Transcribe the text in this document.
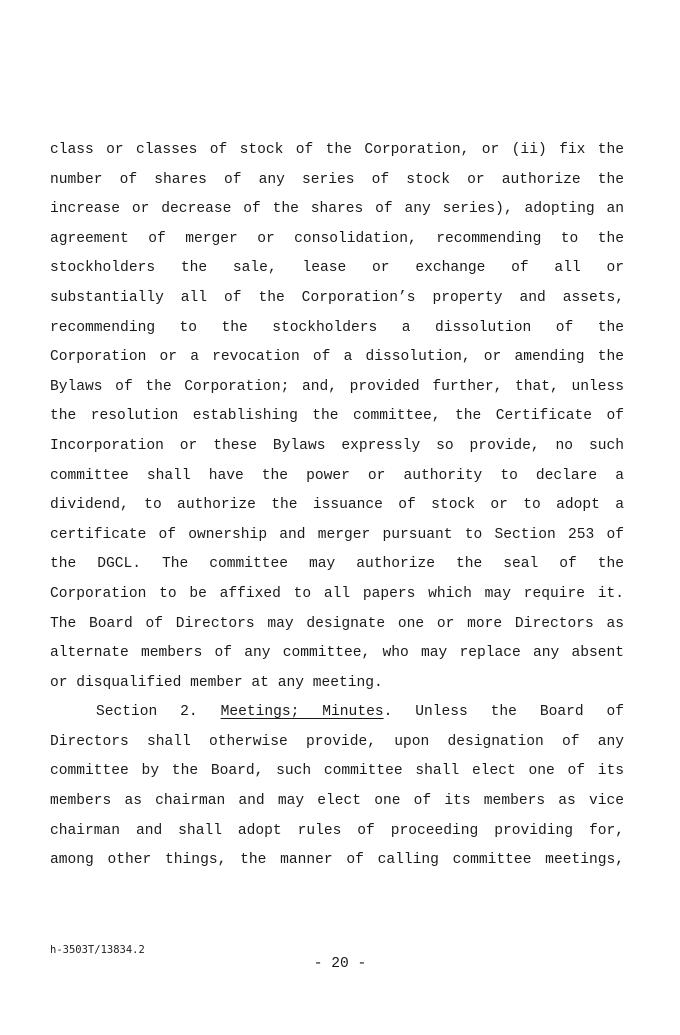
class or classes of stock of the Corporation, or (ii) fix the
number of shares of any series of stock or authorize the
increase or decrease of the shares of any series), adopting an
agreement of merger or consolidation, recommending to the
stockholders the sale, lease or exchange of all or
substantially all of the Corporation’s property and assets,
recommending to the stockholders a dissolution of the
Corporation or a revocation of a dissolution, or amending the
Bylaws of the Corporation; and, provided further, that, unless
the resolution establishing the committee, the Certificate of
Incorporation or these Bylaws expressly so provide, no such
committee shall have the power or authority to declare a
dividend, to authorize the issuance of stock or to adopt a
certificate of ownership and merger pursuant to Section 253 of
the DGCL. The committee may authorize the seal of the
Corporation to be affixed to all papers which may require it.
The Board of Directors may designate one or more Directors as
alternate members of any committee, who may replace any absent
or disqualified member at any meeting.
Section 2. Meetings; Minutes. Unless the Board of
Directors shall otherwise provide, upon designation of any
committee by the Board, such committee shall elect one of its
members as chairman and may elect one of its members as vice
chairman and shall adopt rules of proceeding providing for,
among other things, the manner of calling committee meetings,
h-3503T/13834.2
- 20 -
